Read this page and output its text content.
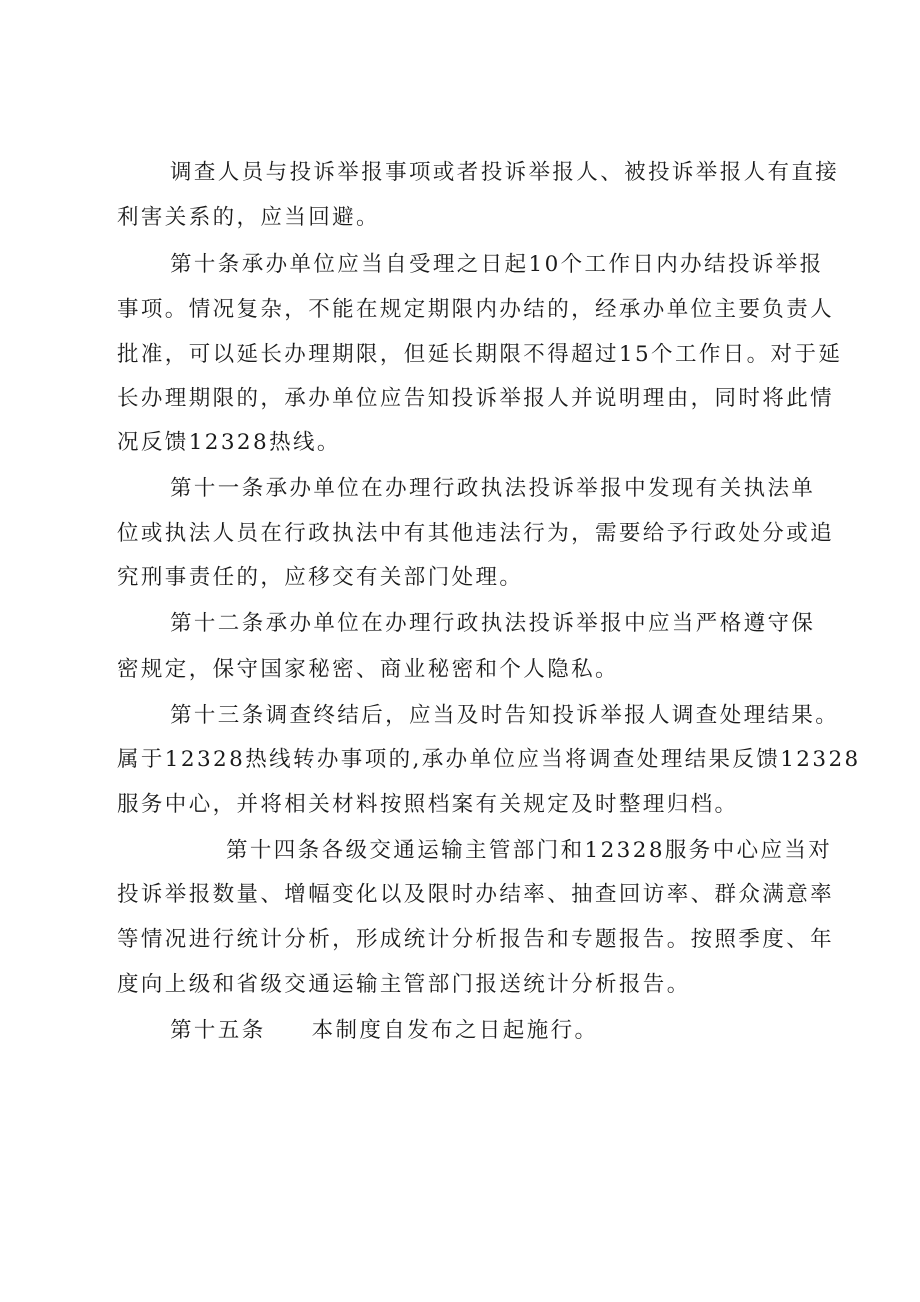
调查人员与投诉举报事项或者投诉举报人、被投诉举报人有直接
利害关系的，应当回避。
第十条承办单位应当自受理之日起10个工作日内办结投诉举报
事项。情况复杂，不能在规定期限内办结的，经承办单位主要负责人
批准，可以延长办理期限，但延长期限不得超过15个工作日。对于延
长办理期限的，承办单位应告知投诉举报人并说明理由，同时将此情
况反馈12328热线。
第十一条承办单位在办理行政执法投诉举报中发现有关执法单
位或执法人员在行政执法中有其他违法行为，需要给予行政处分或追
究刑事责任的，应移交有关部门处理。
第十二条承办单位在办理行政执法投诉举报中应当严格遵守保
密规定，保守国家秘密、商业秘密和个人隐私。
第十三条调查终结后，应当及时告知投诉举报人调查处理结果。
属于12328热线转办事项的,承办单位应当将调查处理结果反馈12328
服务中心，并将相关材料按照档案有关规定及时整理归档。
第十四条各级交通运输主管部门和12328服务中心应当对
投诉举报数量、增幅变化以及限时办结率、抽查回访率、群众满意率
等情况进行统计分析，形成统计分析报告和专题报告。按照季度、年
度向上级和省级交通运输主管部门报送统计分析报告。
第十五条 本制度自发布之日起施行。
